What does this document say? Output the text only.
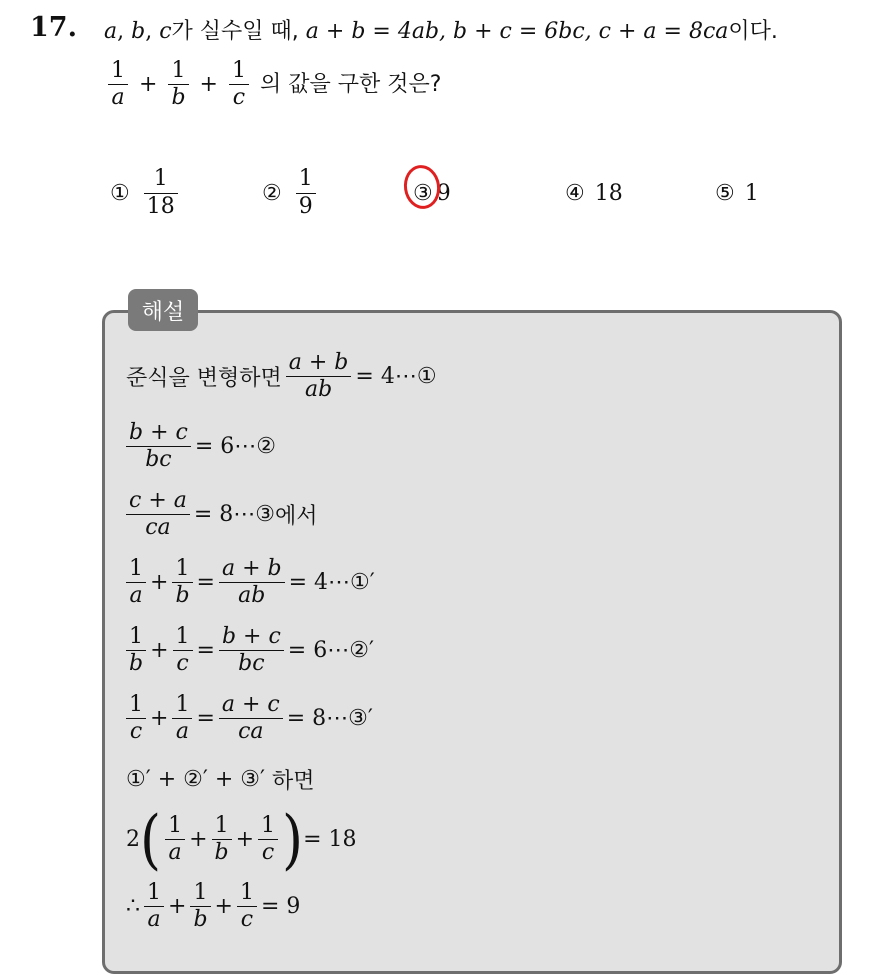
17. a, b, c가 실수일 때, a + b = 4ab, b + c = 6bc, c + a = 8ca이다.
$\frac{1}{a} + \frac{1}{b} + \frac{1}{c}$ 의 값을 구한 것은?
① $\frac{1}{18}$	② $\frac{1}{9}$	③ 9	④ 18	⑤ 1
해설
준식을 변형하면 $\frac{a + b}{ab}$ = 4⋯①
$\frac{b + c}{bc}$ = 6⋯②
$\frac{c + a}{ca}$ = 8⋯③ 에서
$\frac{1}{a} + \frac{1}{b} = \frac{a + b}{ab}$ = 4⋯①′
$\frac{1}{b} + \frac{1}{c} = \frac{b + c}{bc}$ = 6⋯②′
$\frac{1}{c} + \frac{1}{a} = \frac{a + c}{ca}$ = 8⋯③′
①′ + ②′ + ③′
하면
2 ( $\frac{1}{a} + \frac{1}{b} + \frac{1}{c}$ ) = 18
∴ $\frac{1}{a} + \frac{1}{b} + \frac{1}{c} = 9$
